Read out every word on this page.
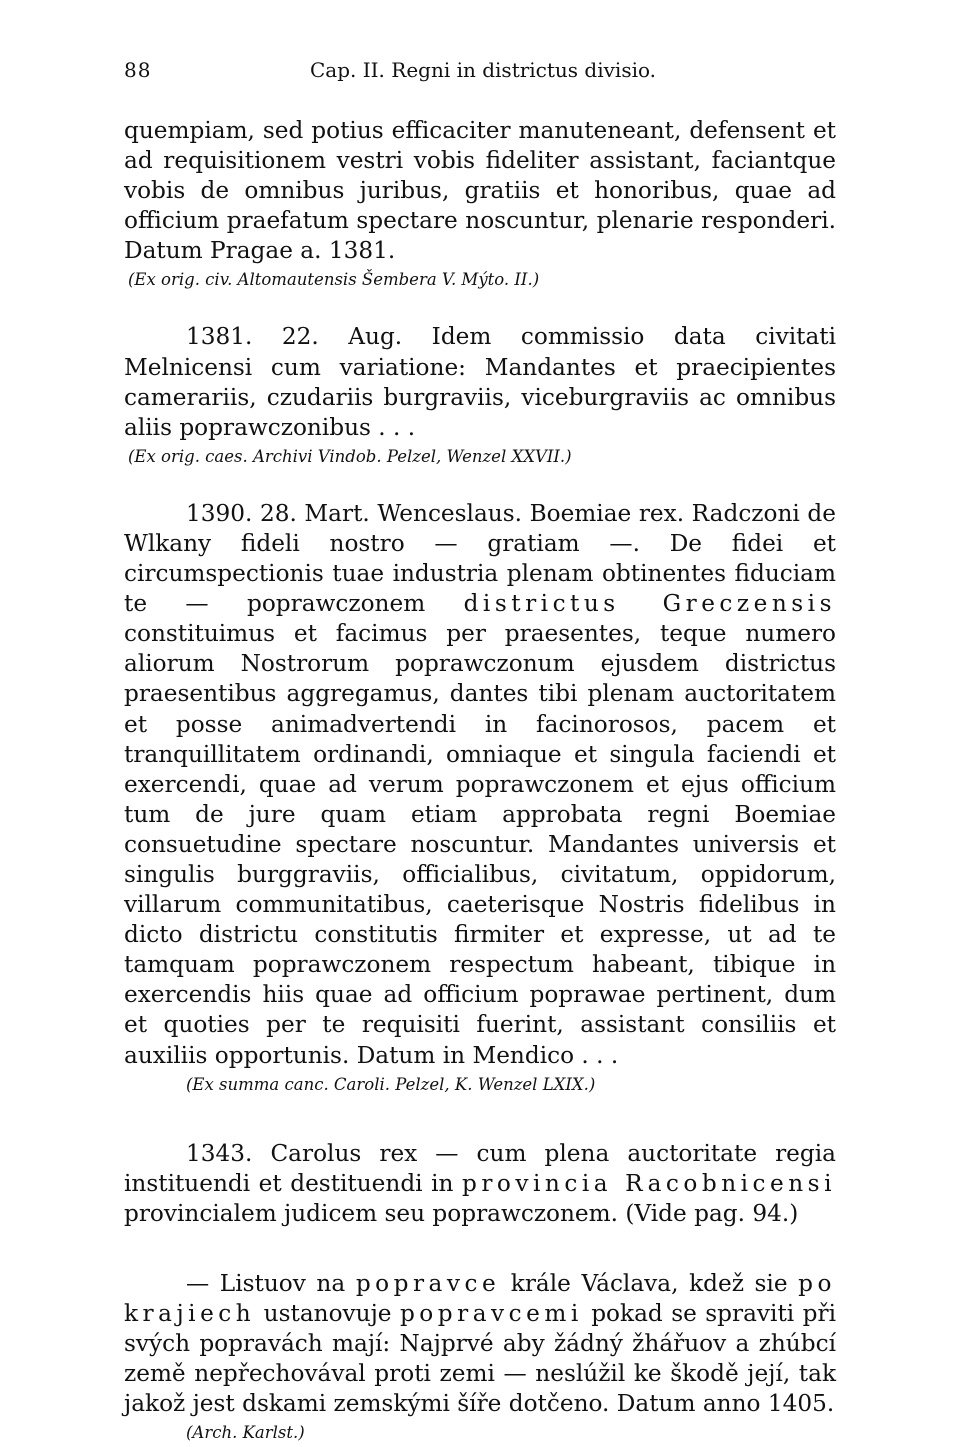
88	Cap. II. Regni in districtus divisio.

quempiam, sed potius efficaciter manuteneant, defensent et ad requisitionem vestri vobis fideliter assistant, faciantque vobis de omnibus juribus, gratiis et honoribus, quae ad officium praefatum spectare noscuntur, plenarie responderi. Datum Pragae a. 1381.

(Ex orig. civ. Altomautensis Šembera V. Mýto. II.)

1381. 22. Aug. Idem commissio data civitati Melnicensi cum variatione: Mandantes et praecipientes camerariis, czudariis burgraviis, viceburgraviis ac omnibus aliis poprawczonibus . . .

(Ex orig. caes. Archivi Vindob. Pelzel, Wenzel XXVII.)

1390. 28. Mart. Wenceslaus. Boemiae rex. Radczoni de Wlkany fideli nostro — gratiam —. De fidei et circumspectionis tuae industria plenam obtinentes fiduciam te — poprawczonem districtus Greczensis constituimus et facimus per praesentes, teque numero aliorum Nostrorum poprawczonum ejusdem districtus praesentibus aggregamus, dantes tibi plenam auctoritatem et posse animadvertendi in facinorosos, pacem et tranquillitatem ordinandi, omniaque et singula faciendi et exercendi, quae ad verum poprawczonem et ejus officium tum de jure quam etiam approbata regni Boemiae consuetudine spectare noscuntur. Mandantes universis et singulis burggraviis, officialibus, civitatum, oppidorum, villarum communitatibus, caeterisque Nostris fidelibus in dicto districtu constitutis firmiter et expresse, ut ad te tamquam poprawczonem respectum habeant, tibique in exercendis hiis quae ad officium poprawae pertinent, dum et quoties per te requisiti fuerint, assistant consiliis et auxiliis opportunis. Datum in Mendico . . .

(Ex summa canc. Caroli. Pelzel, K. Wenzel LXIX.)

1343. Carolus rex — cum plena auctoritate regia instituendi et destituendi in provincia Racobnicensi provincialem judicem seu poprawczonem. (Vide pag. 94.)

— Listuov na popravce krále Václava, kdež sie po krajiech ustanovuje popravcemi pokad se spraviti při svých popravách mají: Najprvé aby žádný žhářuov a zhúbcí země nepřechovával proti zemi — neslúžil ke škodě její, tak jakož jest dskami zemskými šíře dotčeno. Datum anno 1405.

(Arch. Karlst.)
